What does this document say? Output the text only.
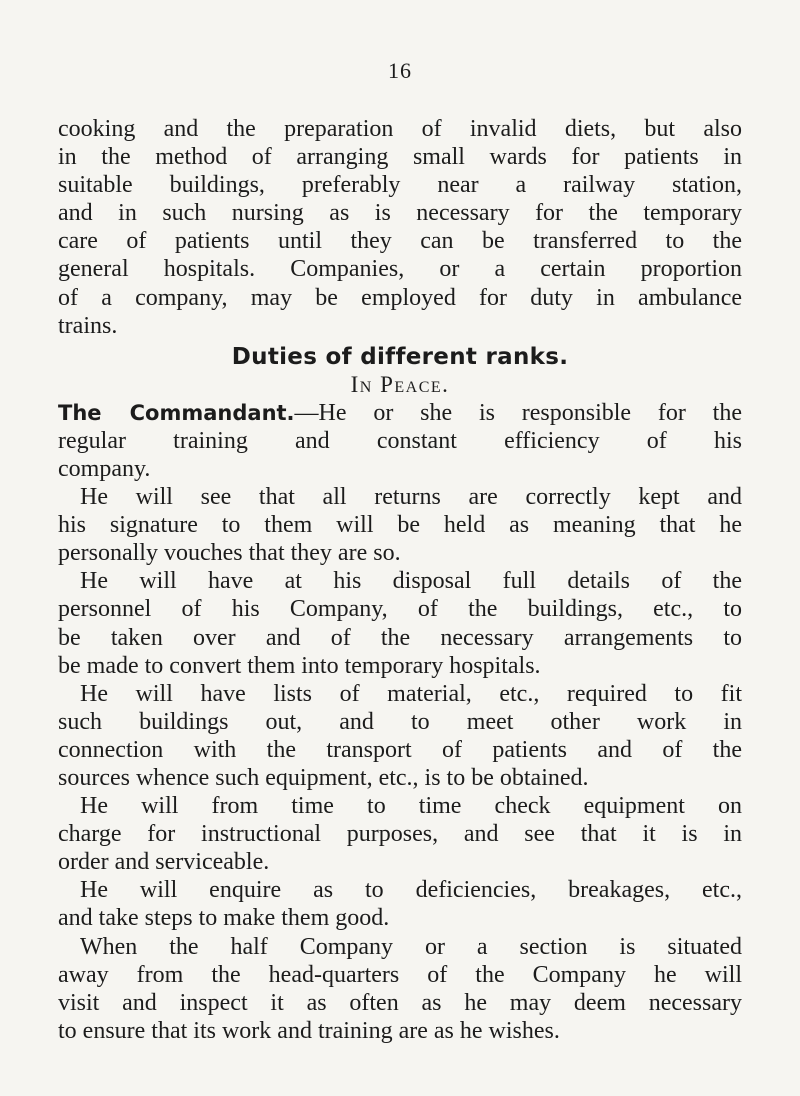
16
cooking and the preparation of invalid diets, but also
in the method of arranging small wards for patients in
suitable buildings, preferably near a railway station,
and in such nursing as is necessary for the temporary
care of patients until they can be transferred to the
general hospitals. Companies, or a certain proportion
of a company, may be employed for duty in ambulance
trains.
Duties of different ranks.
In Peace.
The Commandant.—He or she is responsible for the
regular training and constant efficiency of his
company.
He will see that all returns are correctly kept and
his signature to them will be held as meaning that he
personally vouches that they are so.
He will have at his disposal full details of the
personnel of his Company, of the buildings, etc., to
be taken over and of the necessary arrangements to
be made to convert them into temporary hospitals.
He will have lists of material, etc., required to fit
such buildings out, and to meet other work in
connection with the transport of patients and of the
sources whence such equipment, etc., is to be obtained.
He will from time to time check equipment on
charge for instructional purposes, and see that it is in
order and serviceable.
He will enquire as to deficiencies, breakages, etc.,
and take steps to make them good.
When the half Company or a section is situated
away from the head-quarters of the Company he will
visit and inspect it as often as he may deem necessary
to ensure that its work and training are as he wishes.
